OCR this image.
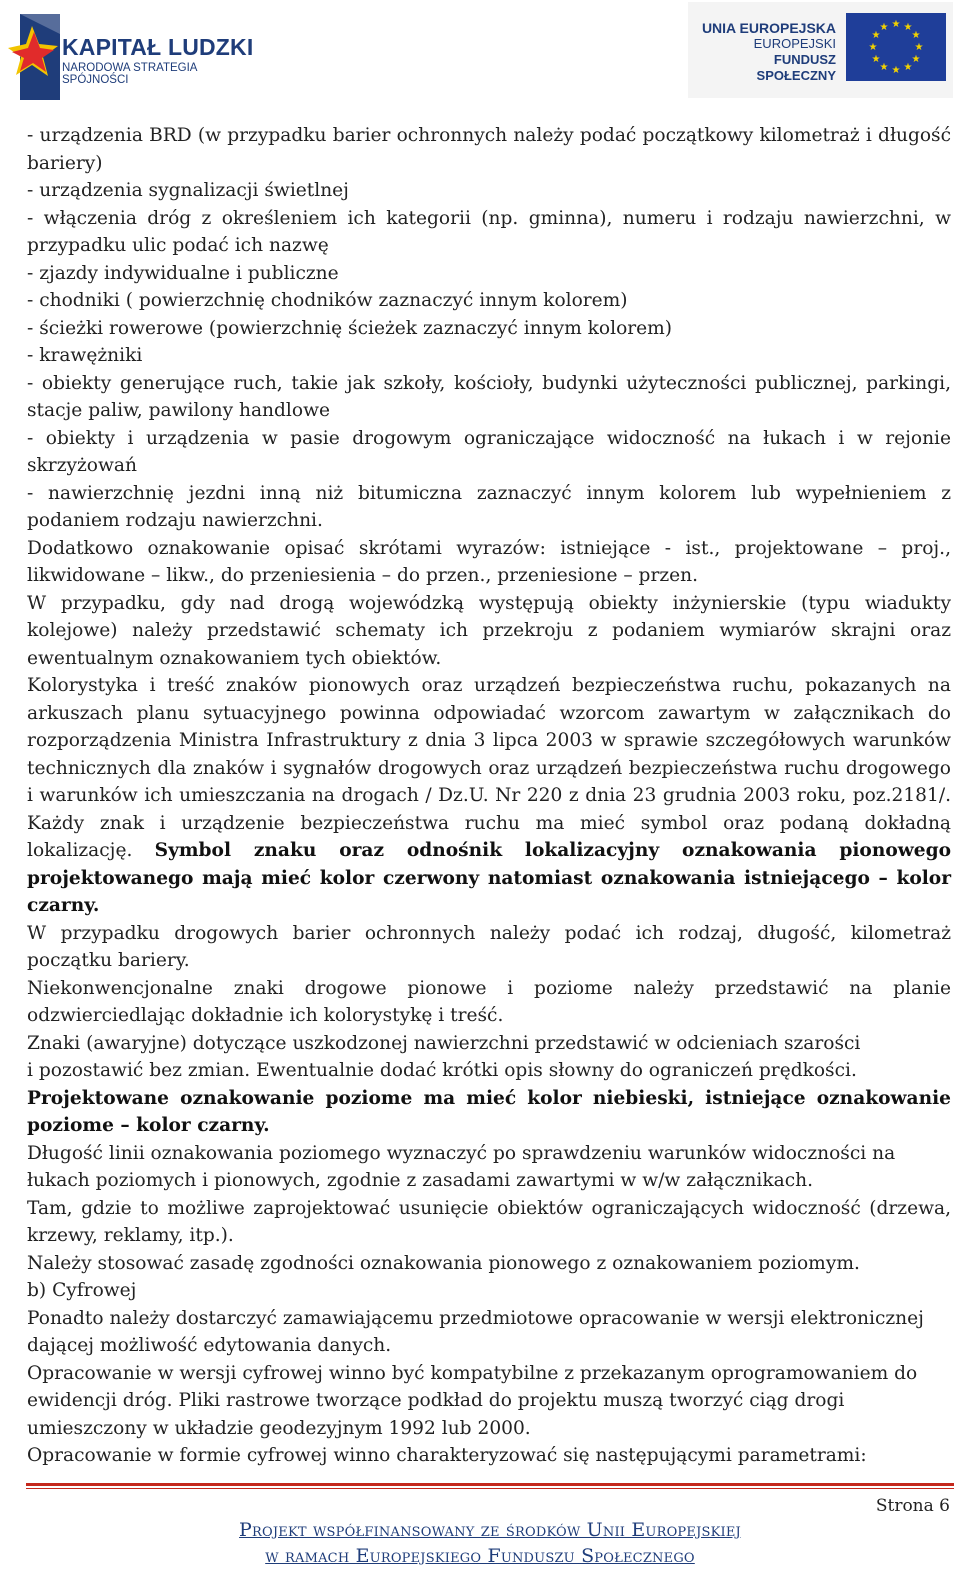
KAPITAŁ LUDZKI
NARODOWA STRATEGIA SPÓJNOŚCI
UNIA EUROPEJSKA
EUROPEJSKI
FUNDUSZ SPOŁECZNY
★ ★
★
★
★
★
★
★
★
★
★
★

- urządzenia BRD (w przypadku barier ochronnych należy podać początkowy kilometraż i długość bariery)

- urządzenia sygnalizacji świetlnej

- włączenia dróg z określeniem ich kategorii (np. gminna), numeru i rodzaju nawierzchni, w przypadku ulic podać ich nazwę

- zjazdy indywidualne i publiczne

- chodniki ( powierzchnię chodników zaznaczyć innym kolorem)

- ścieżki rowerowe (powierzchnię ścieżek zaznaczyć innym kolorem)

- krawężniki

- obiekty generujące ruch, takie jak szkoły, kościoły, budynki użyteczności publicznej, parkingi, stacje paliw, pawilony handlowe

- obiekty i urządzenia w pasie drogowym ograniczające widoczność na łukach i w rejonie skrzyżowań

- nawierzchnię jezdni inną niż bitumiczna zaznaczyć innym kolorem lub wypełnieniem z podaniem rodzaju nawierzchni.

Dodatkowo oznakowanie opisać skrótami wyrazów: istniejące - ist., projektowane – proj., likwidowane – likw., do przeniesienia – do przen., przeniesione – przen.

W przypadku, gdy nad drogą wojewódzką występują obiekty inżynierskie (typu wiadukty kolejowe) należy przedstawić schematy ich przekroju z podaniem wymiarów skrajni oraz ewentualnym oznakowaniem tych obiektów.

Kolorystyka i treść znaków pionowych oraz urządzeń bezpieczeństwa ruchu, pokazanych na arkuszach planu sytuacyjnego powinna odpowiadać wzorcom zawartym w załącznikach do rozporządzenia Ministra Infrastruktury z dnia 3 lipca 2003 w sprawie szczegółowych warunków technicznych dla znaków i sygnałów drogowych oraz urządzeń bezpieczeństwa ruchu drogowego i warunków ich umieszczania na drogach / Dz.U. Nr 220 z dnia 23 grudnia 2003 roku, poz.2181/. Każdy znak i urządzenie bezpieczeństwa ruchu ma mieć symbol oraz podaną dokładną lokalizację. Symbol znaku oraz odnośnik lokalizacyjny oznakowania pionowego projektowanego mają mieć kolor czerwony natomiast oznakowania istniejącego – kolor czarny.

W przypadku drogowych barier ochronnych należy podać ich rodzaj, długość, kilometraż początku bariery.

Niekonwencjonalne znaki drogowe pionowe i poziome należy przedstawić na planie odzwierciedlając dokładnie ich kolorystykę i treść.

Znaki (awaryjne) dotyczące uszkodzonej nawierzchni przedstawić w odcieniach szarości

i pozostawić bez zmian. Ewentualnie dodać krótki opis słowny do ograniczeń prędkości.

Projektowane oznakowanie poziome ma mieć kolor niebieski, istniejące oznakowanie poziome – kolor czarny.

Długość linii oznakowania poziomego wyznaczyć po sprawdzeniu warunków widoczności na

łukach poziomych i pionowych, zgodnie z zasadami zawartymi w w/w załącznikach.

Tam, gdzie to możliwe zaprojektować usunięcie obiektów ograniczających widoczność (drzewa, krzewy, reklamy, itp.).

Należy stosować zasadę zgodności oznakowania pionowego z oznakowaniem poziomym.

b) Cyfrowej

Ponadto należy dostarczyć zamawiającemu przedmiotowe opracowanie w wersji elektronicznej

dającej możliwość edytowania danych.

Opracowanie w wersji cyfrowej winno być kompatybilne z przekazanym oprogramowaniem do

ewidencji dróg. Pliki rastrowe tworzące podkład do projektu muszą tworzyć ciąg drogi

umieszczony w układzie geodezyjnym 1992 lub 2000.

Opracowanie w formie cyfrowej winno charakteryzować się następującymi parametrami:

Strona 6
Projekt współfinansowany ze środków Unii Europejskiej
w ramach Europejskiego Funduszu Społecznego
